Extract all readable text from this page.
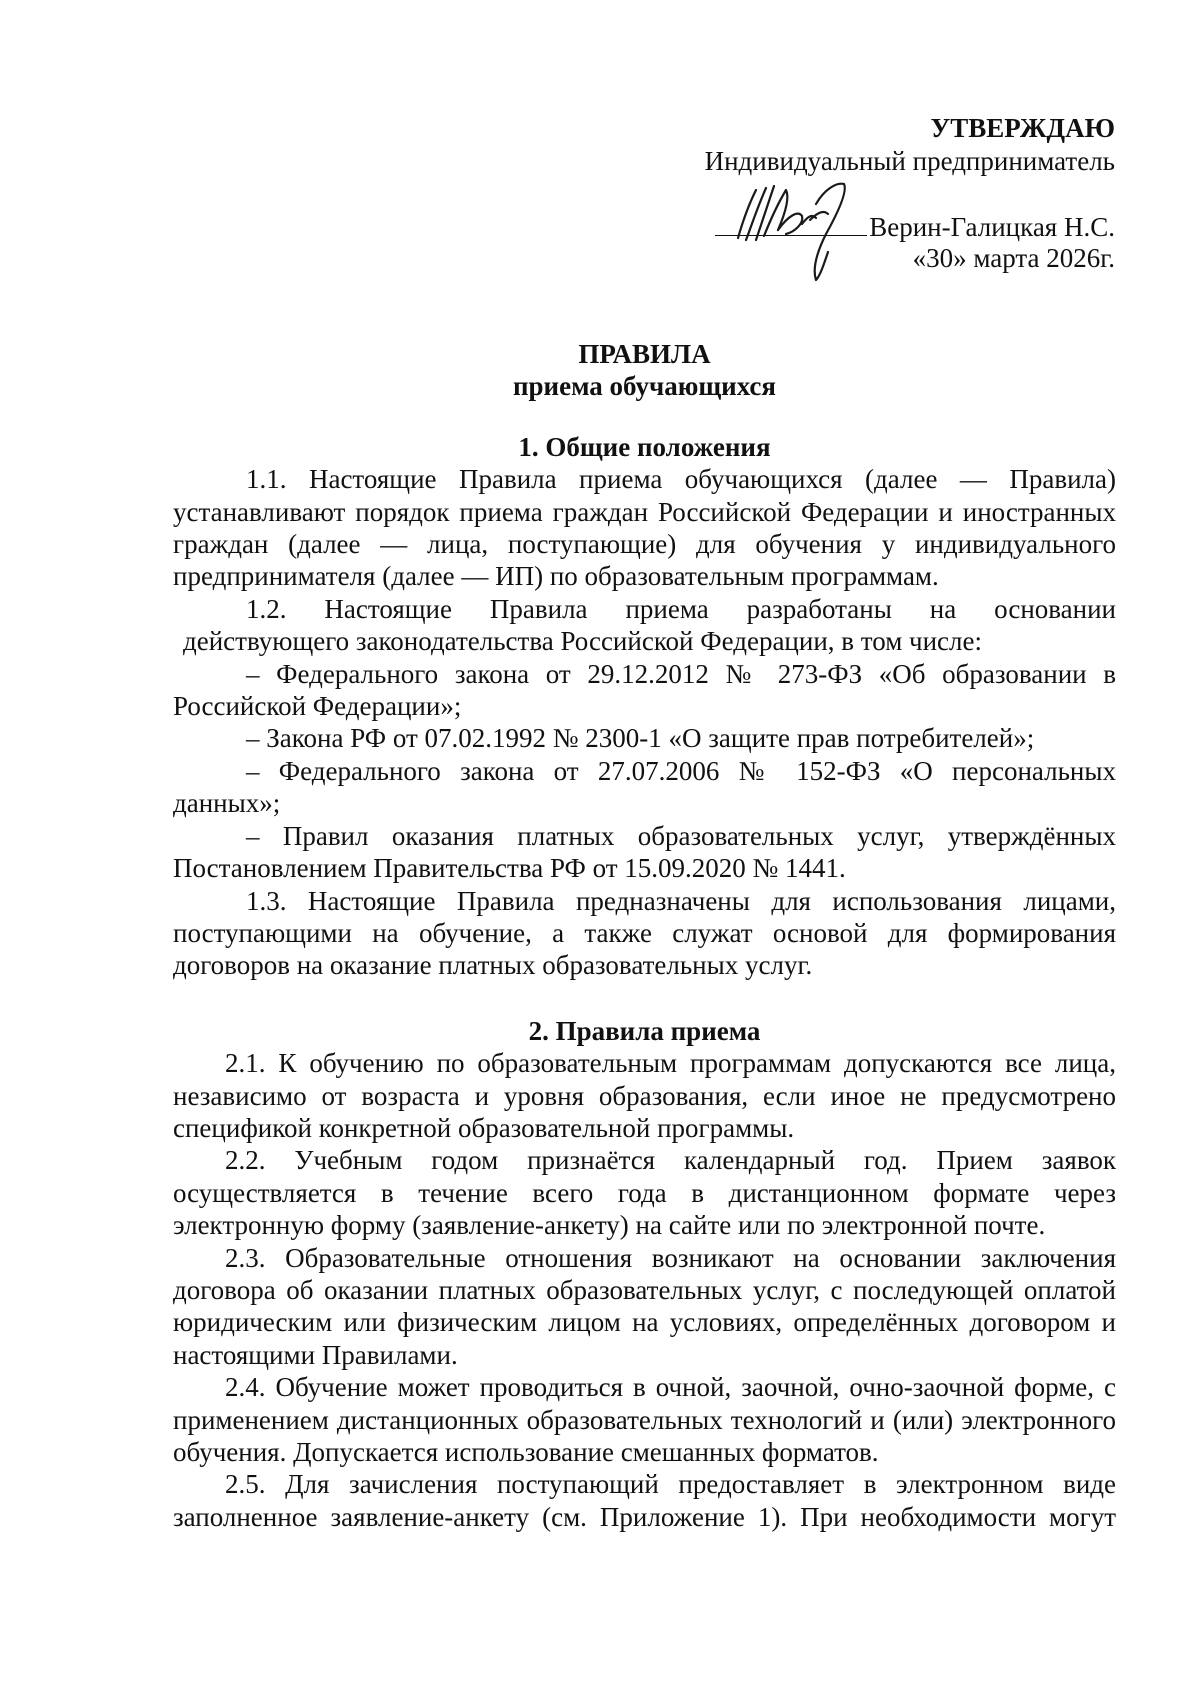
УТВЕРЖДАЮ
Индивидуальный предприниматель
Верин-Галицкая Н.С.
«30» марта 2026г.
ПРАВИЛА
приема обучающихся
1. Общие положения
1.1. Настоящие Правила приема обучающихся (далее — Правила) устанавливают порядок приема граждан Российской Федерации и иностранных граждан (далее — лица, поступающие) для обучения у индивидуального предпринимателя (далее — ИП) по образовательным программам.
1.2. Настоящие Правила приема разработаны на основании
действующего законодательства Российской Федерации, в том числе:
– Федерального закона от 29.12.2012 № 273-ФЗ «Об образовании в Российской Федерации»;
– Закона РФ от 07.02.1992 № 2300-1 «О защите прав потребителей»;
– Федерального закона от 27.07.2006 № 152-ФЗ «О персональных данных»;
– Правил оказания платных образовательных услуг, утверждённых Постановлением Правительства РФ от 15.09.2020 № 1441.
1.3. Настоящие Правила предназначены для использования лицами, поступающими на обучение, а также служат основой для формирования договоров на оказание платных образовательных услуг.
2. Правила приема
2.1. К обучению по образовательным программам допускаются все лица, независимо от возраста и уровня образования, если иное не предусмотрено спецификой конкретной образовательной программы.
2.2. Учебным годом признаётся календарный год. Прием заявок осуществляется в течение всего года в дистанционном формате через электронную форму (заявление-анкету) на сайте или по электронной почте.
2.3. Образовательные отношения возникают на основании заключения договора об оказании платных образовательных услуг, с последующей оплатой юридическим или физическим лицом на условиях, определённых договором и настоящими Правилами.
2.4. Обучение может проводиться в очной, заочной, очно-заочной форме, с применением дистанционных образовательных технологий и (или) электронного обучения. Допускается использование смешанных форматов.
2.5. Для зачисления поступающий предоставляет в электронном виде заполненное заявление-анкету (см. Приложение 1). При необходимости могут
